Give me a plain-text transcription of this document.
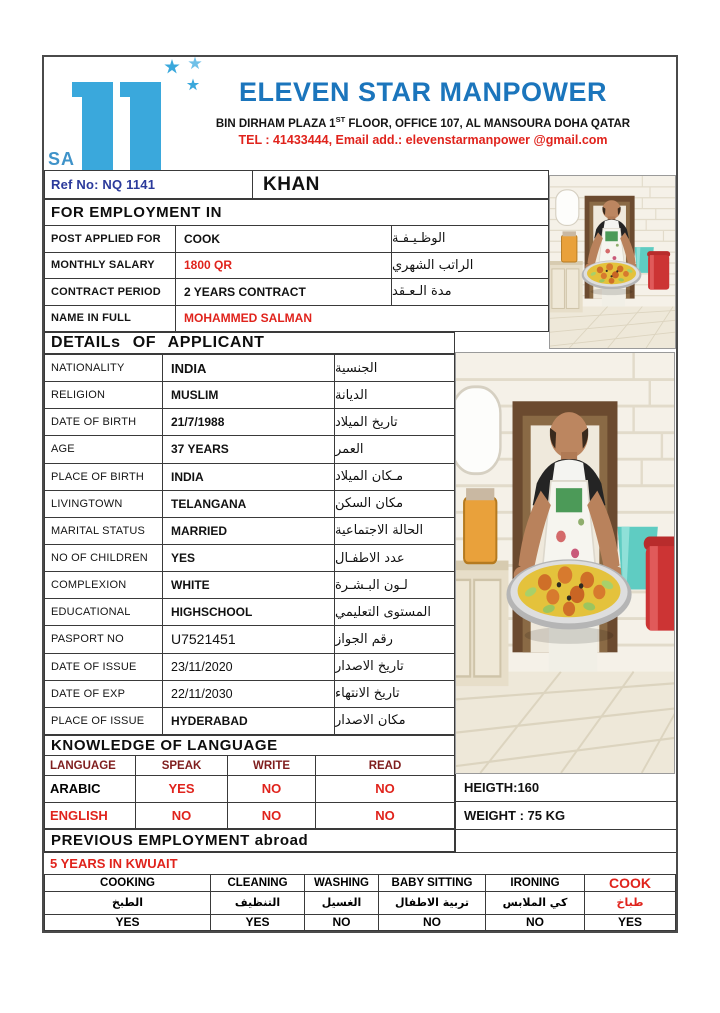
SA
ELEVEN STAR MANPOWER
BIN DIRHAM PLAZA 1ST FLOOR, OFFICE 107, AL MANSOURA DOHA QATAR
TEL : 41433444, Email add.: elevenstarmanpower @gmail.com
Ref No: NQ 1141	KHAN
FOR EMPLOYMENT IN
POST APPLIED FOR	COOK	الوظـيـفـة
MONTHLY SALARY	1800 QR	الراتب الشهري
CONTRACT PERIOD	2 YEARS CONTRACT	مدة الـعـقد
NAME IN FULL	MOHAMMED SALMAN
DETAILs OF APPLICANT
NATIONALITY	INDIA	الجنسية
RELIGION	MUSLIM	الديانة
DATE OF BIRTH	21/7/1988	تاريخ الميلاد
AGE	37 YEARS	العمر
PLACE OF BIRTH	INDIA	مـكان الميلاد
LIVINGTOWN	TELANGANA	مكان السكن
MARITAL STATUS	MARRIED	الحالة الاجتماعية
NO OF CHILDREN	YES	عدد الاطفـال
COMPLEXION	WHITE	لـون البـشـرة
EDUCATIONAL	HIGHSCHOOL	المستوى التعليمي
PASPORT NO	U7521451	رقم الجواز
DATE OF ISSUE	23/11/2020	تاريخ الاصدار
DATE OF EXP	22/11/2030	تاريخ الانتهاء
PLACE OF ISSUE	HYDERABAD	مكان الاصدار
KNOWLEDGE OF LANGUAGE
LANGUAGE	SPEAK	WRITE	READ
ARABIC	YES	NO	NO
ENGLISH	NO	NO	NO
HEIGTH:160
WEIGHT : 75 KG
PREVIOUS EMPLOYMENT abroad
5 YEARS IN KWUAIT
COOKING	CLEANING	WASHING	BABY SITTING	IRONING	COOK
الطبخ	التنظيف	الغسيل	تربية الاطفال	كي الملابس	طباخ
YES	YES	NO	NO	NO	YES
